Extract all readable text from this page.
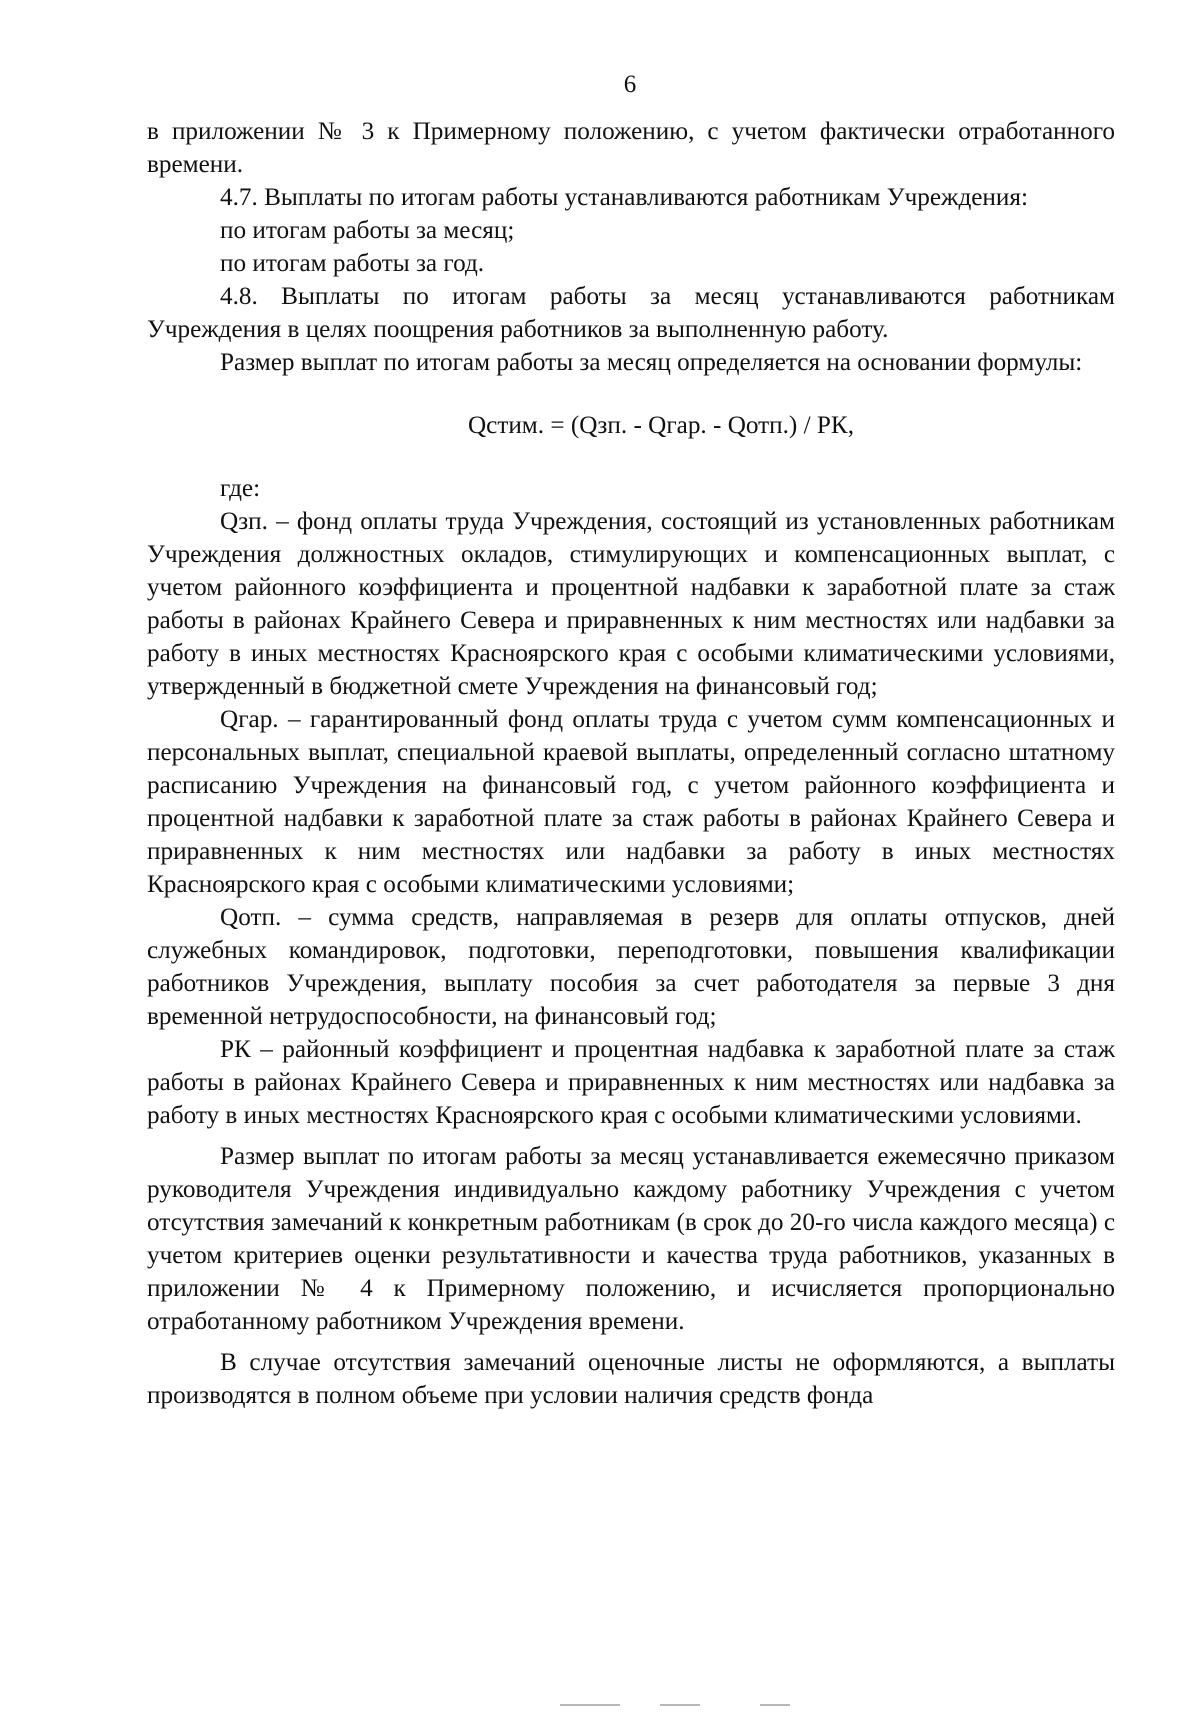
6

в приложении № 3 к Примерному положению, с учетом фактически отработанного времени.

4.7. Выплаты по итогам работы устанавливаются работникам Учреждения:

по итогам работы за месяц;

по итогам работы за год.

4.8. Выплаты по итогам работы за месяц устанавливаются работникам Учреждения в целях поощрения работников за выполненную работу.

Размер выплат по итогам работы за месяц определяется на основании формулы:

Qстим. = (Qзп. - Qгар. - Qотп.) / РК,

где:

Qзп. – фонд оплаты труда Учреждения, состоящий из установленных работникам Учреждения должностных окладов, стимулирующих и компенсационных выплат, с учетом районного коэффициента и процентной надбавки к заработной плате за стаж работы в районах Крайнего Севера и приравненных к ним местностях или надбавки за работу в иных местностях Красноярского края с особыми климатическими условиями, утвержденный в бюджетной смете Учреждения на финансовый год;

Qгар. – гарантированный фонд оплаты труда с учетом сумм компенсационных и персональных выплат, специальной краевой выплаты, определенный согласно штатному расписанию Учреждения на финансовый год, с учетом районного коэффициента и процентной надбавки к заработной плате за стаж работы в районах Крайнего Севера и приравненных к ним местностях или надбавки за работу в иных местностях Красноярского края с особыми климатическими условиями;

Qотп. – сумма средств, направляемая в резерв для оплаты отпусков, дней служебных командировок, подготовки, переподготовки, повышения квалификации работников Учреждения, выплату пособия за счет работодателя за первые 3 дня временной нетрудоспособности, на финансовый год;

РК – районный коэффициент и процентная надбавка к заработной плате за стаж работы в районах Крайнего Севера и приравненных к ним местностях или надбавка за работу в иных местностях Красноярского края с особыми климатическими условиями.

Размер выплат по итогам работы за месяц устанавливается ежемесячно приказом руководителя Учреждения индивидуально каждому работнику Учреждения с учетом отсутствия замечаний к конкретным работникам (в срок до 20-го числа каждого месяца) с учетом критериев оценки результативности и качества труда работников, указанных в приложении № 4 к Примерному положению, и исчисляется пропорционально отработанному работником Учреждения времени.

В случае отсутствия замечаний оценочные листы не оформляются, а выплаты производятся в полном объеме при условии наличия средств фонда
